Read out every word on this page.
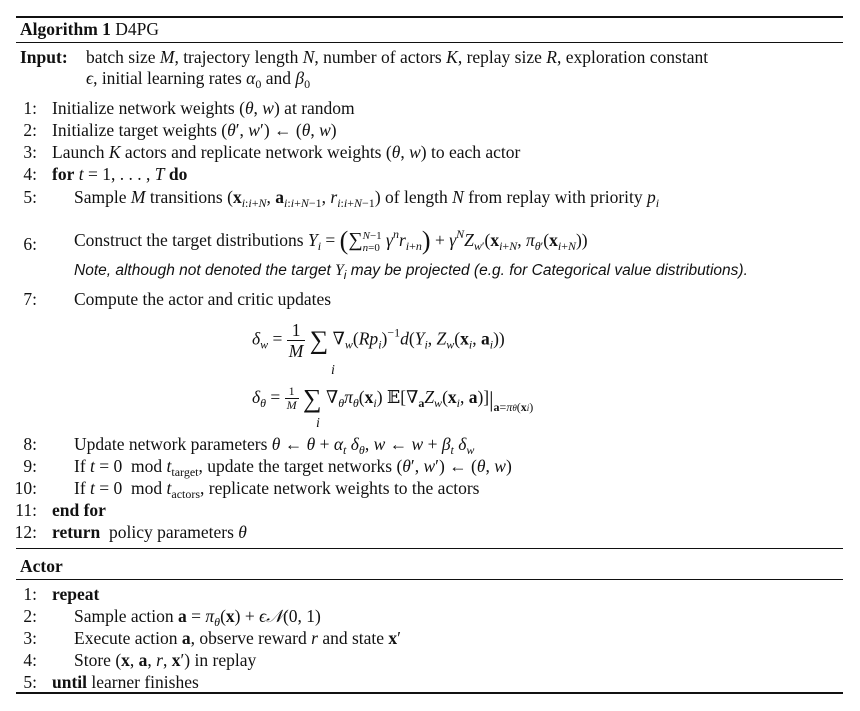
Algorithm 1 D4PG
Input: batch size M, trajectory length N, number of actors K, replay size R, exploration constant
ϵ, initial learning rates $\alpha_0$ and $\beta_0$
1: Initialize network weights (θ, w) at random
2: Initialize target weights (θ′, w′) ← (θ, w)
3: Launch K actors and replicate network weights (θ, w) to each actor
4: for t = 1, . . . , T do
5: Sample M transitions ($x_{i:i+N}$, $a_{i:i+N-1}$, $r_{i:i+N-1}$) of length N from replay with priority $p_i$
6: Construct the target distributions $Y_i$ = (∑ N−1
n=0 $\gamma^nr_{i+n}) + \gamma^NZ_{w'}(x_{i+N}$, $\pi_{\theta'}(x_{i+N})$)
Note, although not denoted the target $Y_i$ may be projected (e.g. for Categorical value distributions).
7: Compute the actor and critic updates
$\delta_w = \frac{1}{M}$ ∑ $\nabla_w(Rp_i)^{-1}d(Y_i$, $Z_w(x_i$, $a_i$))
i
$\delta_\theta = \frac{1}{M}$ ∑ $\nabla_\theta\pi_\theta(x_i)$ $𝔼[\nabla_aZ_w(x_i$, $a)]|_{a=\pi\theta(xi)}$
i
8: Update network parameters θ ← $\theta + \alpha_t$ $\delta_\theta$, w ← $w + \beta_t$ $\delta_w$
9: If t = 0  mod $t_{target}$, update the target networks (θ′, w′) ← (θ, w)
10: If t = 0  mod $t_{actors}$, replicate network weights to the actors
11: end for
12: return  policy parameters θ
Actor
1: repeat
2: Sample action $a = \pi_\theta(x)$ + ϵ𝒩(0, 1)
3: Execute action a, observe reward r and state x′
4: Store (x, a, r, x′) in replay
5: until learner finishes
